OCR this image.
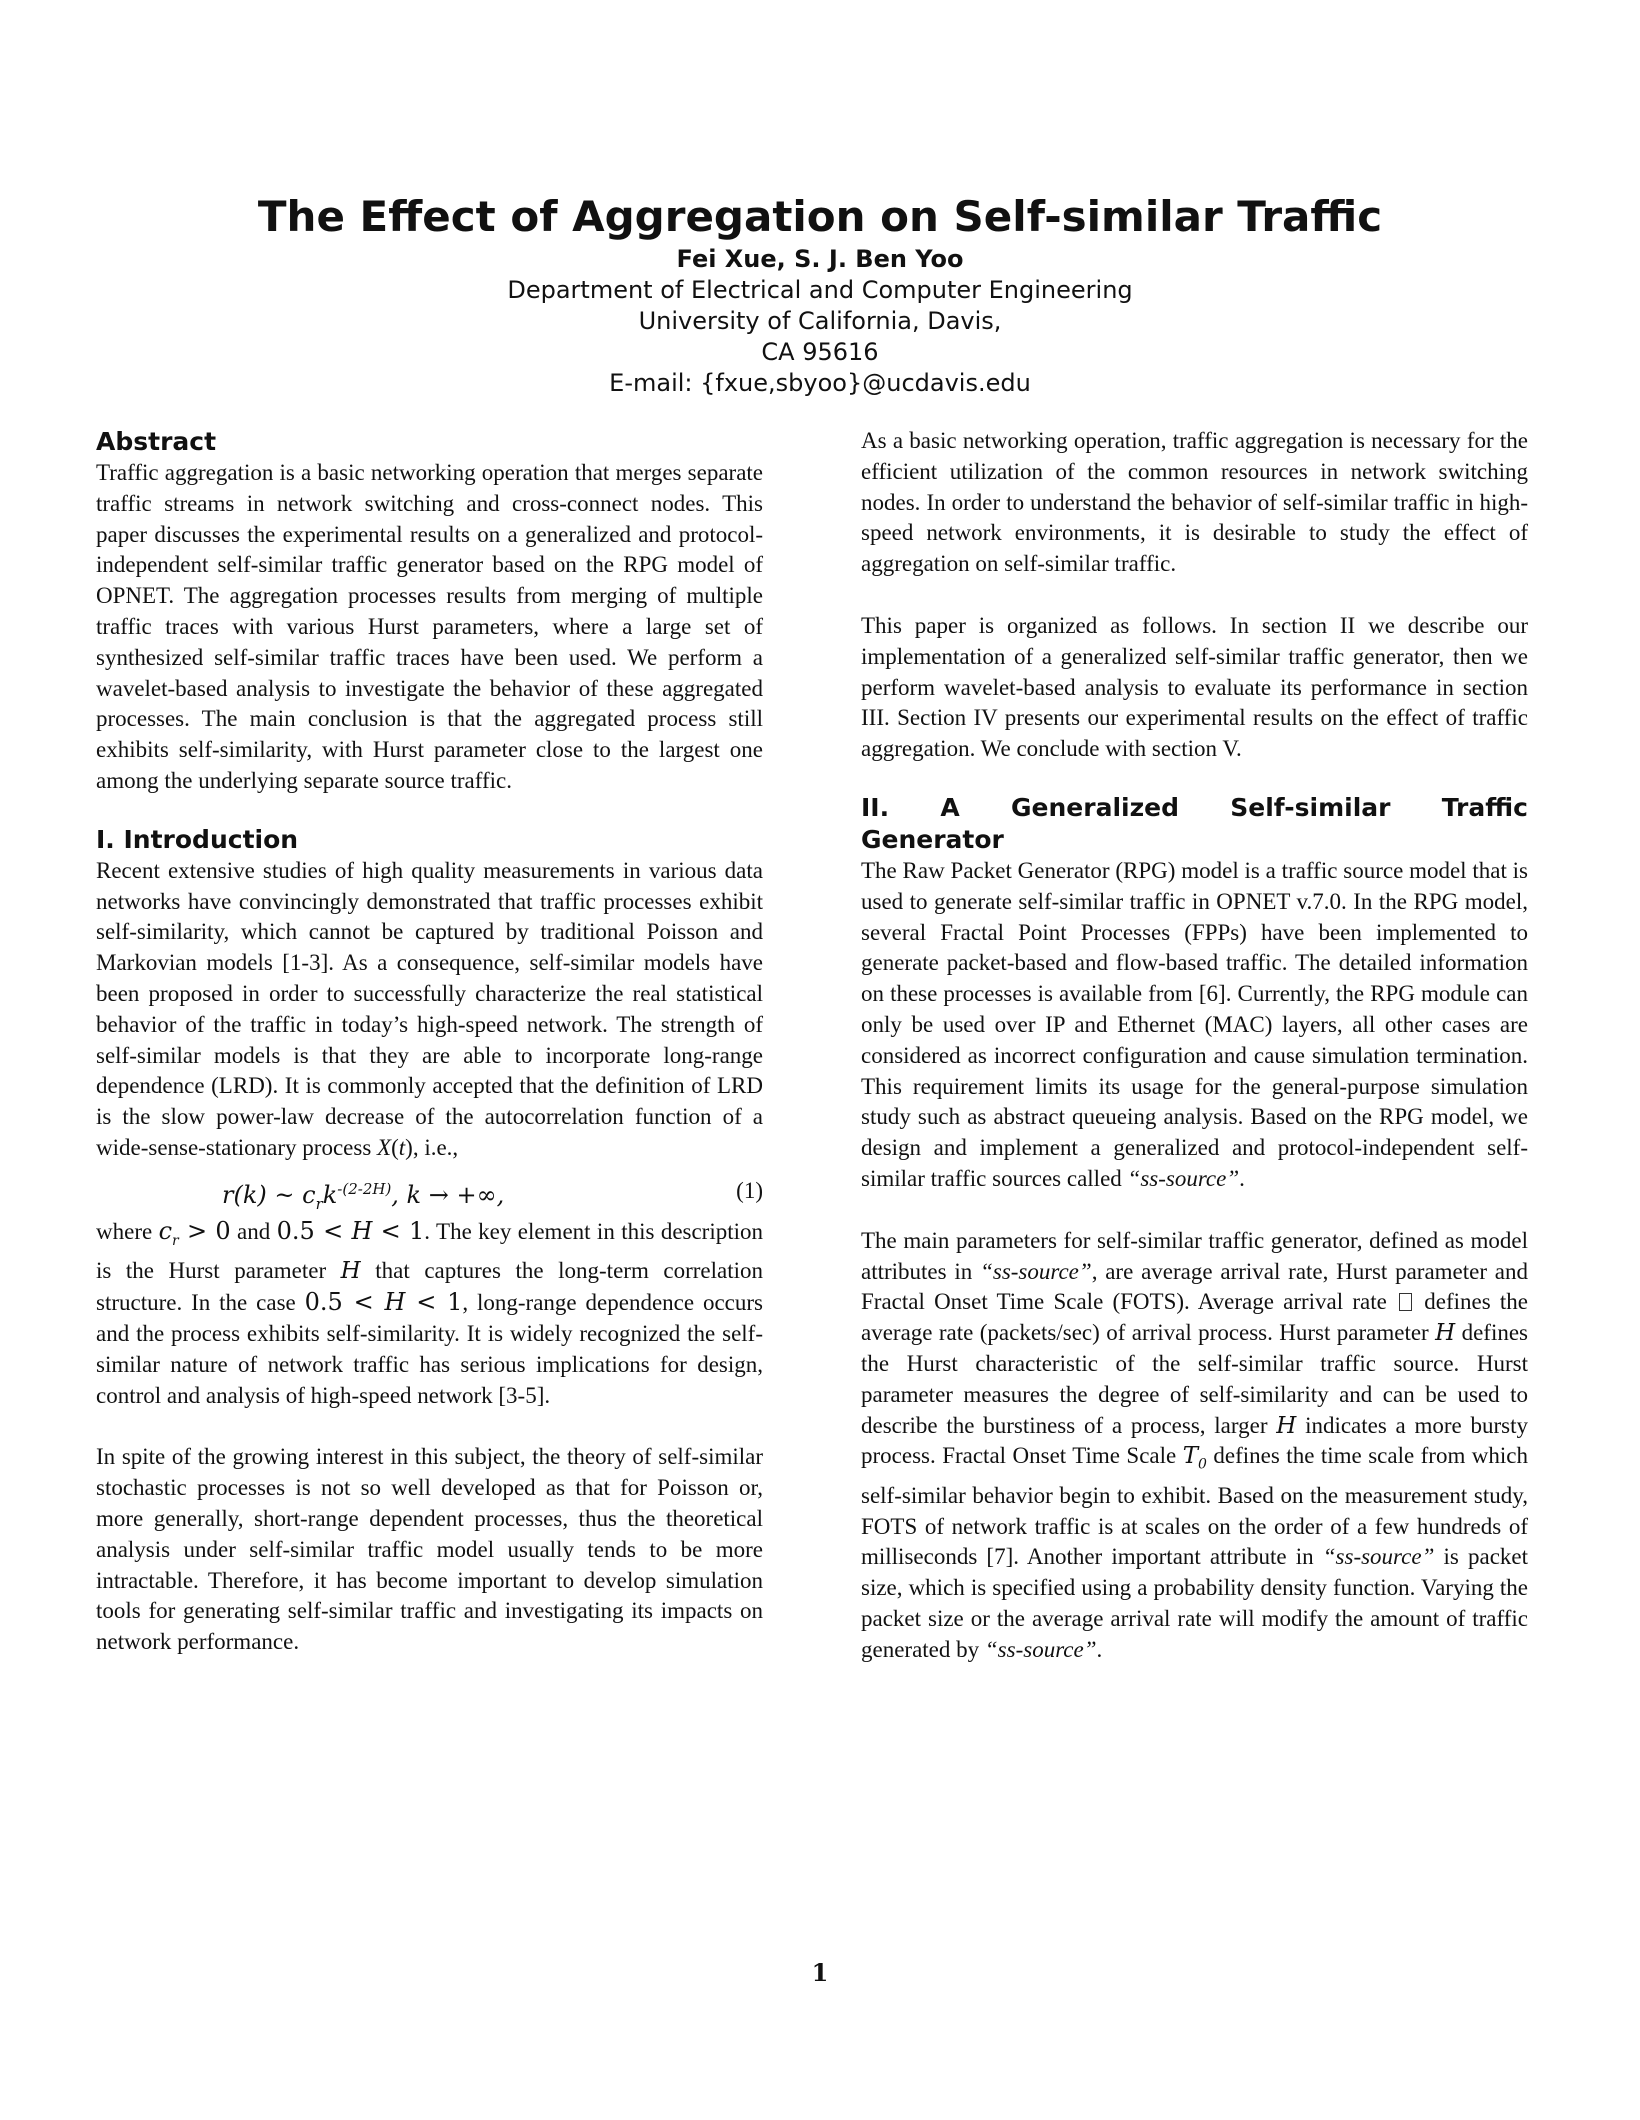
The Effect of Aggregation on Self-similar Traffic
Fei Xue, S. J. Ben Yoo
Department of Electrical and Computer Engineering
University of California, Davis,
CA 95616
E-mail: {fxue,sbyoo}@ucdavis.edu
Abstract

Traffic aggregation is a basic networking operation that merges separate traffic streams in network switching and cross-connect nodes. This paper discusses the experimental results on a generalized and protocol-independent self-similar traffic generator based on the RPG model of OPNET. The aggregation processes results from merging of multiple traffic traces with various Hurst parameters, where a large set of synthesized self-similar traffic traces have been used. We perform a wavelet-based analysis to investigate the behavior of these aggregated processes. The main conclusion is that the aggregated process still exhibits self-similarity, with Hurst parameter close to the largest one among the underlying separate source traffic.

I. Introduction

Recent extensive studies of high quality measurements in various data networks have convincingly demonstrated that traffic processes exhibit self-similarity, which cannot be captured by traditional Poisson and Markovian models [1-3]. As a consequence, self-similar models have been proposed in order to successfully characterize the real statistical behavior of the traffic in today’s high-speed network. The strength of self-similar models is that they are able to incorporate long-range dependence (LRD). It is commonly accepted that the definition of LRD is the slow power-law decrease of the autocorrelation function of a wide-sense-stationary process X(t), i.e.,

r(k) ~ $c_rk^{-(2-2H)}$, k → +∞,	(1)

where $c_r > 0$ and 0.5 < H < 1. The key element in this description is the Hurst parameter H that captures the long-term correlation structure. In the case 0.5 < H < 1, long-range dependence occurs and the process exhibits self-similarity. It is widely recognized the self-similar nature of network traffic has serious implications for design, control and analysis of high-speed network [3-5].

In spite of the growing interest in this subject, the theory of self-similar stochastic processes is not so well developed as that for Poisson or, more generally, short-range dependent processes, thus the theoretical analysis under self-similar traffic model usually tends to be more intractable. Therefore, it has become important to develop simulation tools for generating self-similar traffic and investigating its impacts on network performance.

As a basic networking operation, traffic aggregation is necessary for the efficient utilization of the common resources in network switching nodes. In order to understand the behavior of self-similar traffic in high-speed network environments, it is desirable to study the effect of aggregation on self-similar traffic.

This paper is organized as follows. In section II we describe our implementation of a generalized self-similar traffic generator, then we perform wavelet-based analysis to evaluate its performance in section III. Section IV presents our experimental results on the effect of traffic aggregation. We conclude with section V.

II. A Generalized Self-similar Traffic
Generator

The Raw Packet Generator (RPG) model is a traffic source model that is used to generate self-similar traffic in OPNET v.7.0. In the RPG model, several Fractal Point Processes (FPPs) have been implemented to generate packet-based and flow-based traffic. The detailed information on these processes is available from [6]. Currently, the RPG module can only be used over IP and Ethernet (MAC) layers, all other cases are considered as incorrect configuration and cause simulation termination. This requirement limits its usage for the general-purpose simulation study such as abstract queueing analysis. Based on the RPG model, we design and implement a generalized and protocol-independent self-similar traffic sources called “ss-source”.

The main parameters for self-similar traffic generator, defined as model attributes in “ss-source”, are average arrival rate, Hurst parameter and Fractal Onset Time Scale (FOTS). Average arrival rate defines the average rate (packets/sec) of arrival process. Hurst parameter H defines the Hurst characteristic of the self-similar traffic source. Hurst parameter measures the degree of self-similarity and can be used to describe the burstiness of a process, larger H indicates a more bursty process. Fractal Onset Time Scale $T_0$ defines the time scale from which self-similar behavior begin to exhibit. Based on the measurement study, FOTS of network traffic is at scales on the order of a few hundreds of milliseconds [7]. Another important attribute in “ss-source” is packet size, which is specified using a probability density function. Varying the packet size or the average arrival rate will modify the amount of traffic generated by “ss-source”.

1
